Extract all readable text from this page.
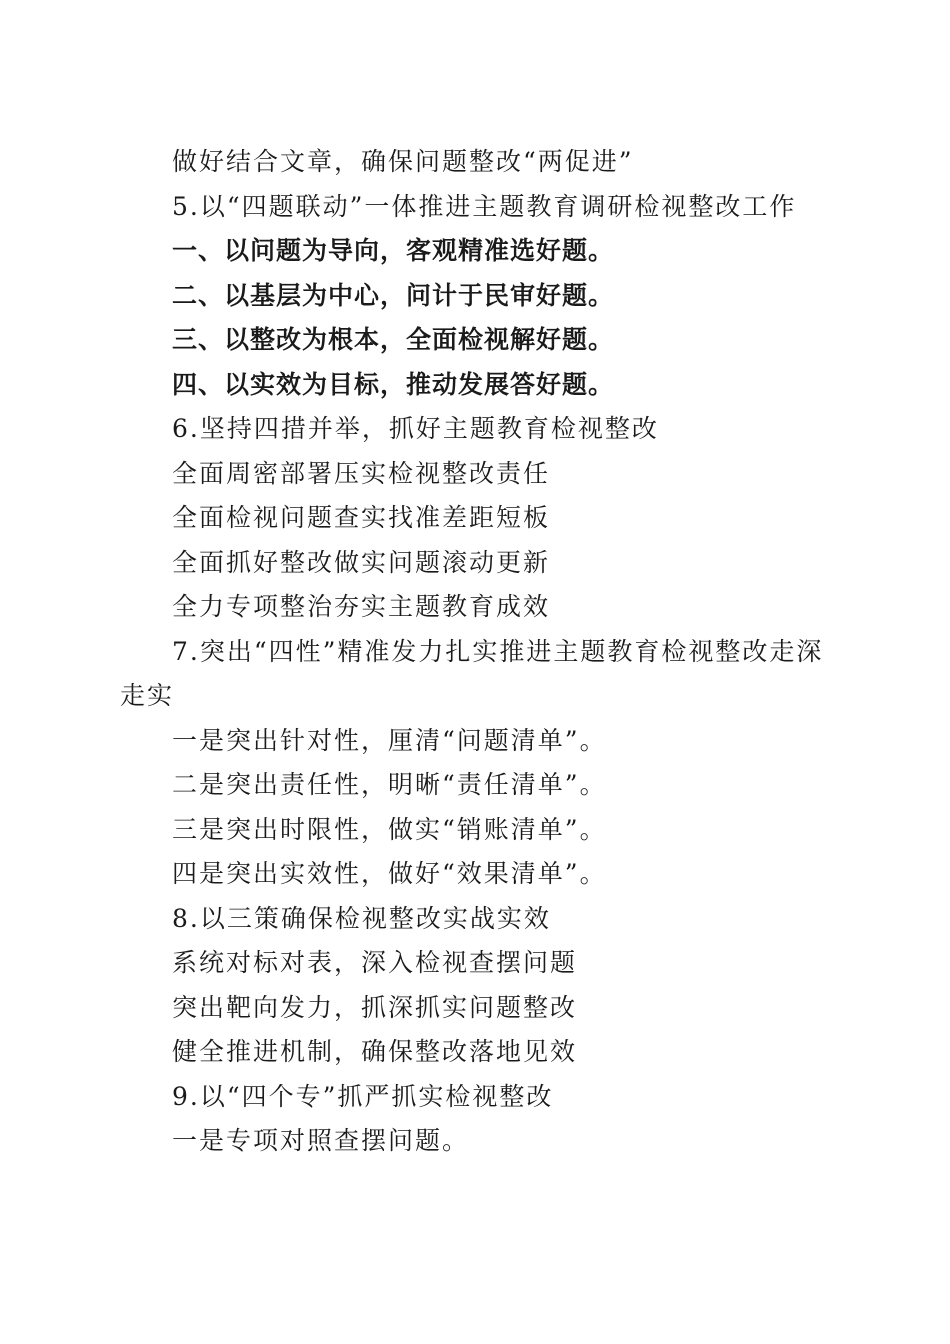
做好结合文章，确保问题整改“两促进”
5.以“四题联动”一体推进主题教育调研检视整改工作
一、以问题为导向，客观精准选好题。
二、以基层为中心，问计于民审好题。
三、以整改为根本，全面检视解好题。
四、以实效为目标，推动发展答好题。
6.坚持四措并举，抓好主题教育检视整改
全面周密部署压实检视整改责任
全面检视问题查实找准差距短板
全面抓好整改做实问题滚动更新
全力专项整治夯实主题教育成效
7.突出“四性”精准发力扎实推进主题教育检视整改走深
走实
一是突出针对性，厘清“问题清单”。
二是突出责任性，明晰“责任清单”。
三是突出时限性，做实“销账清单”。
四是突出实效性，做好“效果清单”。
8.以三策确保检视整改实战实效
系统对标对表，深入检视查摆问题
突出靶向发力，抓深抓实问题整改
健全推进机制，确保整改落地见效
9.以“四个专”抓严抓实检视整改
一是专项对照查摆问题。
